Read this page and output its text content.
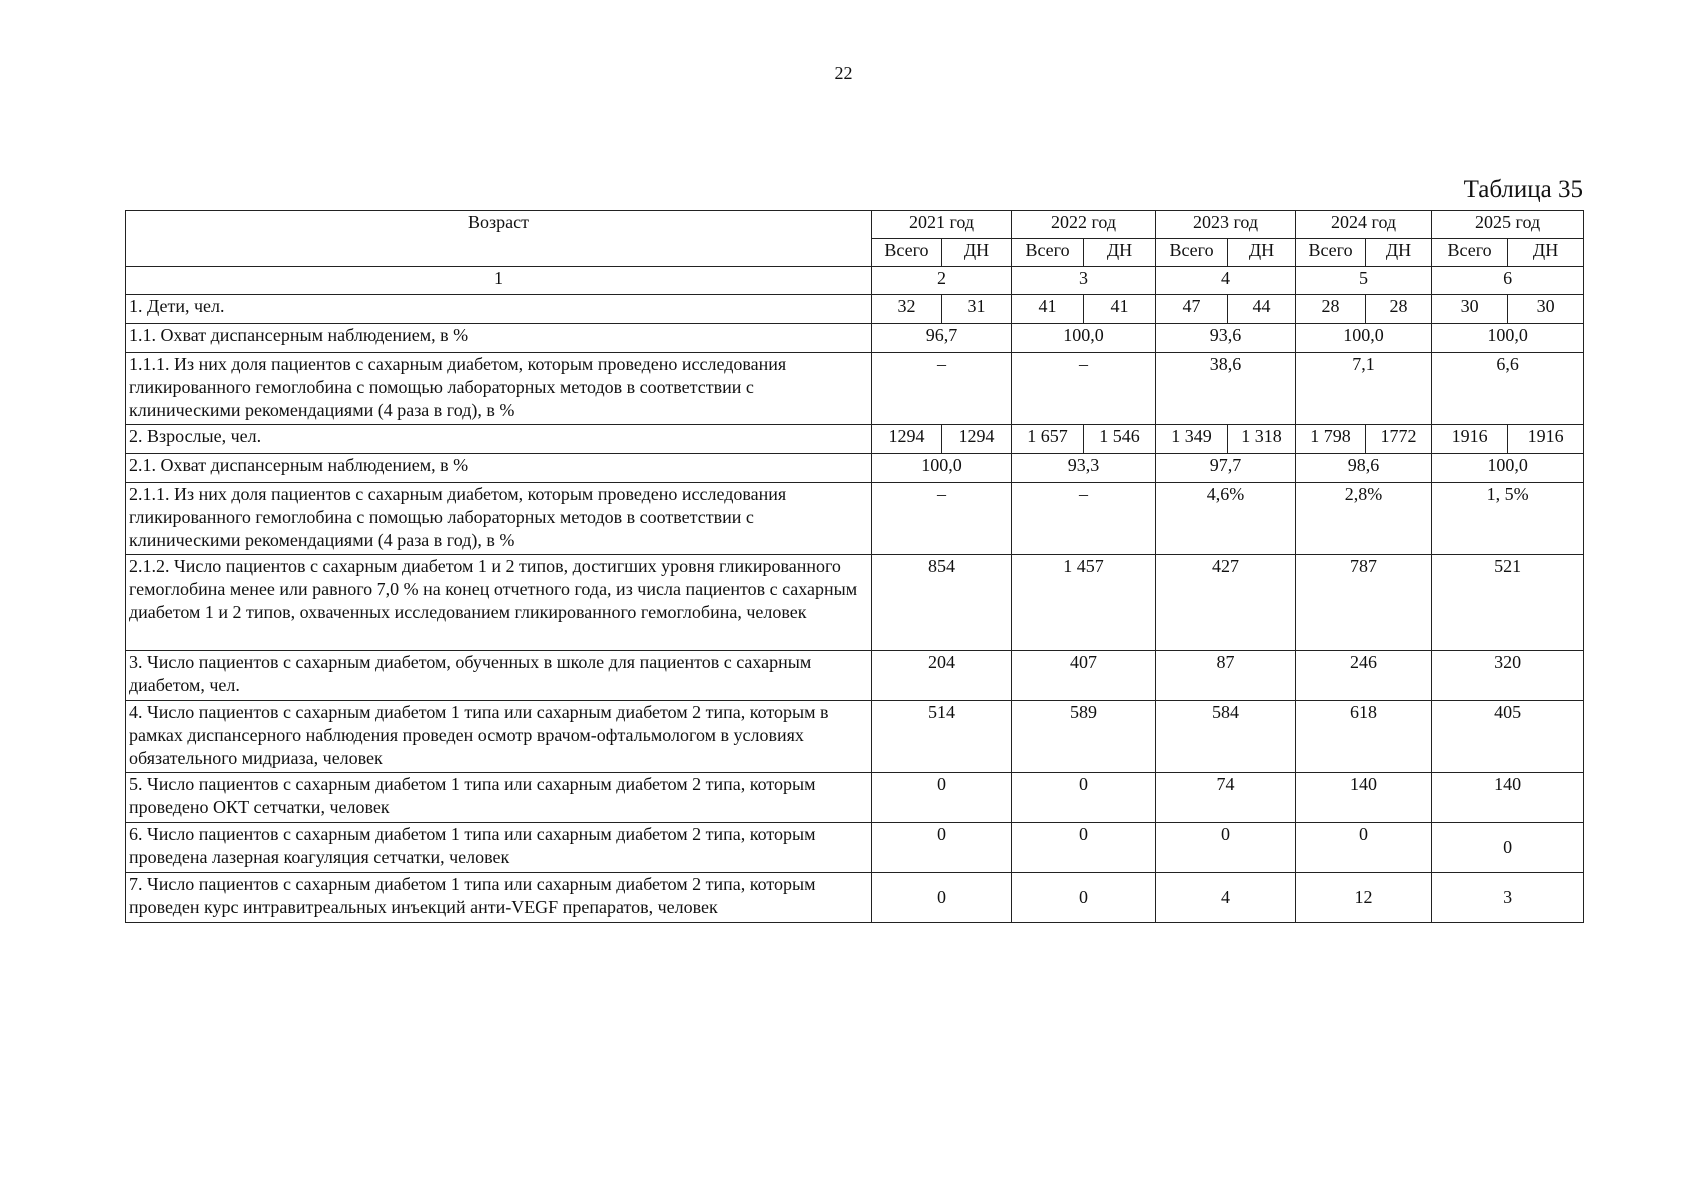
22
Таблица 35
Возраст	2021 год		2022 год		2023 год		2024 год		2025 год	
	Всего	ДН	Всего	ДН	Всего	ДН	Всего	ДН	Всего	ДН
1	2		3		4		5		6	
1. Дети, чел.	32	31	41	41	47	44	28	28	30	30
1.1. Охват диспансерным наблюдением, в %	96,7		100,0		93,6		100,0		100,0	
1.1.1. Из них доля пациентов с сахарным диабетом, которым проведено исследования гликированного гемоглобина с помощью лабораторных методов в соответствии с клиническими рекомендациями (4 раза в год), в %	–		–		38,6		7,1		6,6	
2. Взрослые, чел.	1294	1294	1 657	1 546	1 349	1 318	1 798	1772	1916	1916
2.1. Охват диспансерным наблюдением, в %	100,0		93,3		97,7		98,6		100,0	
2.1.1. Из них доля пациентов с сахарным диабетом, которым проведено исследования гликированного гемоглобина с помощью лабораторных методов в соответствии с клиническими рекомендациями (4 раза в год), в %	–		–		4,6%		2,8%		1, 5%	
2.1.2. Число пациентов с сахарным диабетом 1 и 2 типов, достигших уровня гликированного гемоглобина менее или равного 7,0 % на конец отчетного года, из числа пациентов с сахарным диабетом 1 и 2 типов, охваченных исследованием гликированного гемоглобина, человек	854		1 457		427		787		521	
3. Число пациентов с сахарным диабетом, обученных в школе для пациентов с сахарным диабетом, чел.	204		407		87		246		320	
4. Число пациентов с сахарным диабетом 1 типа или сахарным диабетом 2 типа, которым в рамках диспансерного наблюдения проведен осмотр врачом-офтальмологом в условиях обязательного мидриаза, человек	514		589		584		618		405	
5. Число пациентов с сахарным диабетом 1 типа или сахарным диабетом 2 типа, которым проведено ОКТ сетчатки, человек	0		0		74		140		140	
6. Число пациентов с сахарным диабетом 1 типа или сахарным диабетом 2 типа, которым проведена лазерная коагуляция сетчатки, человек	0		0		0		0		0	
7. Число пациентов с сахарным диабетом 1 типа или сахарным диабетом 2 типа, которым проведен курс интравитреальных инъекций анти-VEGF препаратов, человек	0		0		4		12		3	
